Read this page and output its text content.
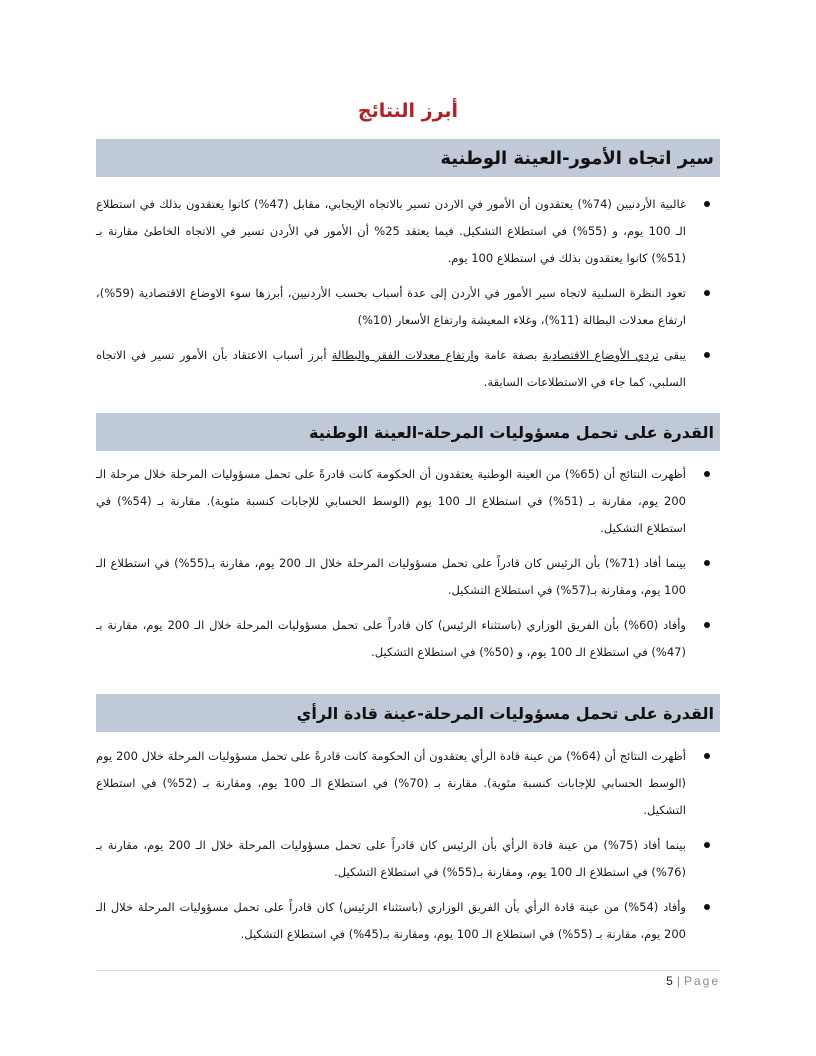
أبرز النتائج
سير اتجاه الأمور-العينة الوطنية
غالبية الأردنيين (74%) يعتقدون أن الأمور في الاردن تسير بالاتجاه الإيجابي، مقابل (47%) كانوا يعتقدون بذلك في استطلاع الـ 100 يوم، و (55%) في استطلاع التشكيل. فيما يعتقد 25% أن الأمور في الأردن تسير في الاتجاه الخاطئ مقارنة بـ (51%) كانوا يعتقدون بذلك في استطلاع 100 يوم.
تعود النظرة السلبية لاتجاه سير الأمور في الأردن إلى عدة أسباب بحسب الأردنيين، أبرزها سوء الاوضاع الاقتصادية (59%)، ارتفاع معدلات البطالة (11%)، وغلاء المعيشة وارتفاع الأسعار (10%)
يبقى تردي الأوضاع الاقتصادية بصفة عامة وارتفاع معدلات الفقر والبطالة أبرز أسباب الاعتقاد بأن الأمور تسير في الاتجاه السلبي، كما جاء في الاستطلاعات السابقة.
القدرة على تحمل مسؤوليات المرحلة-العينة الوطنية
أظهرت النتائج أن (65%) من العينة الوطنية يعتقدون أن الحكومة كانت قادرةً على تحمل مسؤوليات المرحلة خلال مرحلة الـ 200 يوم، مقارنة بـ (51%) في استطلاع الـ 100 يوم (الوسط الحسابي للإجابات كنسبة مئوية). مقارنة بـ (54%) في استطلاع التشكيل.
بينما أفاد (71%) بأن الرئيس كان قادراً على تحمل مسؤوليات المرحلة خلال الـ 200 يوم، مقارنة بـ(55%) في استطلاع الـ 100 يوم، ومقارنة بـ(57%) في استطلاع التشكيل.
وأفاد (60%) بأن الفريق الوزاري (باستثناء الرئيس) كان قادراً على تحمل مسؤوليات المرحلة خلال الـ 200 يوم، مقارنة بـ (47%) في استطلاع الـ 100 يوم، و (50%) في استطلاع التشكيل.
القدرة على تحمل مسؤوليات المرحلة-عينة قادة الرأي
أظهرت النتائج أن (64%) من عينة قادة الرأي يعتقدون أن الحكومة كانت قادرةً على تحمل مسؤوليات المرحلة خلال 200 يوم (الوسط الحسابي للإجابات كنسبة مئوية). مقارنة بـ (70%) في استطلاع الـ 100 يوم، ومقارنة بـ (52%) في استطلاع التشكيل.
بينما أفاد (75%) من عينة قادة الرأي بأن الرئيس كان قادراً على تحمل مسؤوليات المرحلة خلال الـ 200 يوم، مقارنة بـ (76%) في استطلاع الـ 100 يوم، ومقارنة بـ(55%) في استطلاع التشكيل.
وأفاد (54%) من عينة قادة الرأي بأن الفريق الوزاري (باستثناء الرئيس) كان قادراً على تحمل مسؤوليات المرحلة خلال الـ 200 يوم، مقارنة بـ (55%) في استطلاع الـ 100 يوم، ومقارنة بـ(45%) في استطلاع التشكيل.
5 | Page
